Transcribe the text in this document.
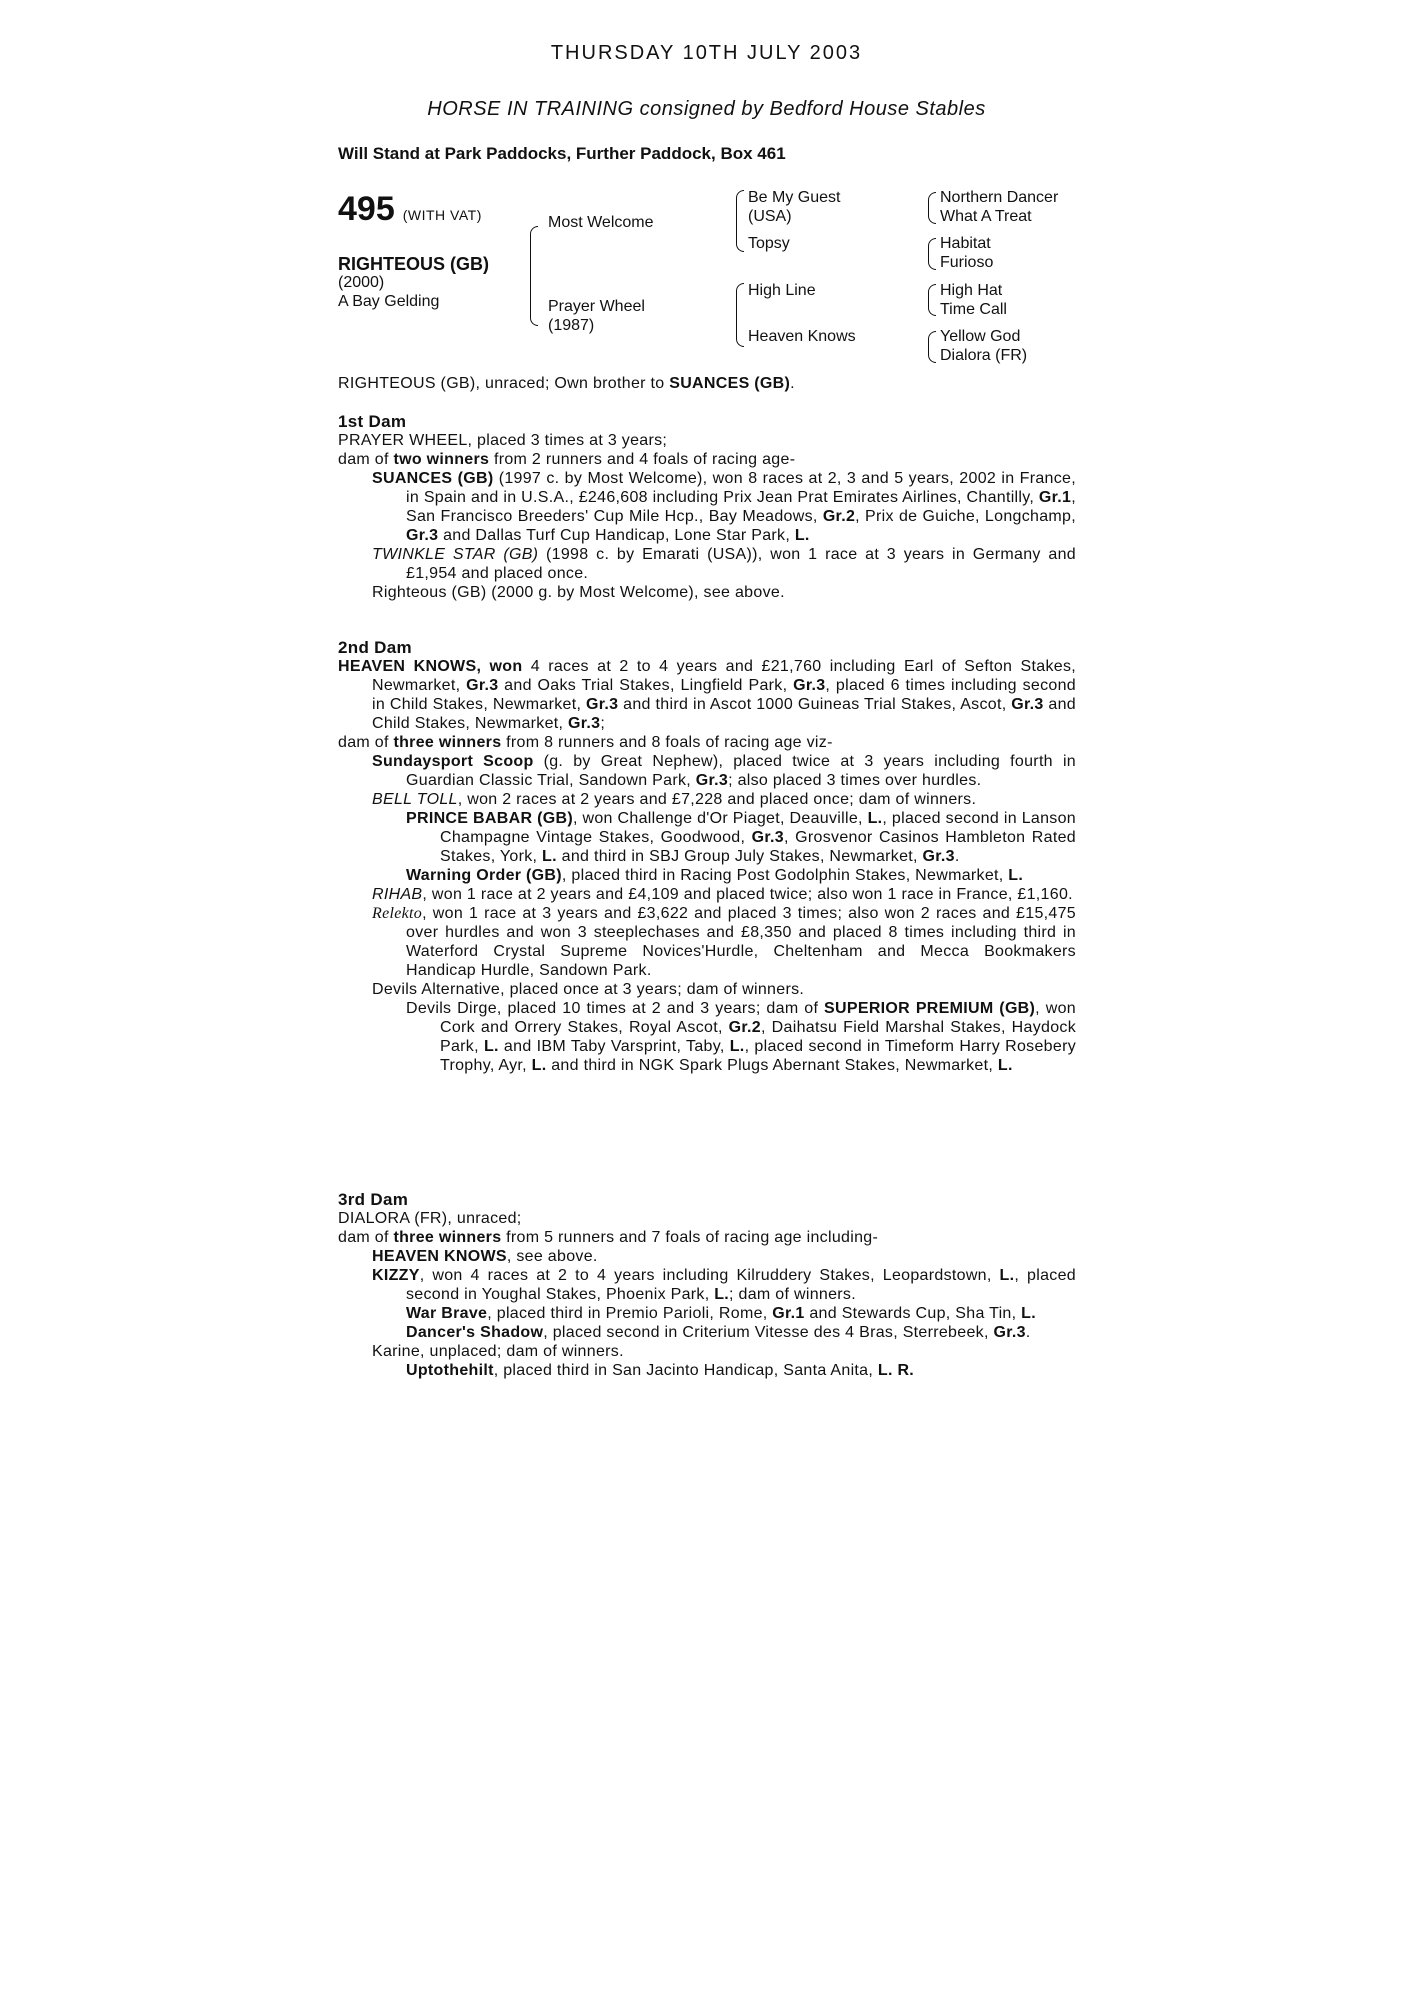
THURSDAY 10TH JULY 2003
HORSE IN TRAINING consigned by Bedford House Stables
Will Stand at Park Paddocks, Further Paddock, Box 461
495 (WITH VAT)
RIGHTEOUS (GB)
(2000)
A Bay Gelding
Most Welcome
Prayer Wheel
(1987)
Be My Guest
(USA)
Topsy
High Line
Heaven Knows
Northern Dancer
What A Treat
Habitat
Furioso
High Hat
Time Call
Yellow God
Dialora (FR)
RIGHTEOUS (GB), unraced; Own brother to SUANCES (GB).
1st Dam
PRAYER WHEEL, placed 3 times at 3 years;
dam of two winners from 2 runners and 4 foals of racing age-
SUANCES (GB) (1997 c. by Most Welcome), won 8 races at 2, 3 and 5 years, 2002 in France, in Spain and in U.S.A., £246,608 including Prix Jean Prat Emirates Airlines, Chantilly, Gr.1, San Francisco Breeders' Cup Mile Hcp., Bay Meadows, Gr.2, Prix de Guiche, Longchamp, Gr.3 and Dallas Turf Cup Handicap, Lone Star Park, L.
TWINKLE STAR (GB) (1998 c. by Emarati (USA)), won 1 race at 3 years in Germany and £1,954 and placed once.
Righteous (GB) (2000 g. by Most Welcome), see above.
2nd Dam
HEAVEN KNOWS, won 4 races at 2 to 4 years and £21,760 including Earl of Sefton Stakes, Newmarket, Gr.3 and Oaks Trial Stakes, Lingfield Park, Gr.3, placed 6 times including second in Child Stakes, Newmarket, Gr.3 and third in Ascot 1000 Guineas Trial Stakes, Ascot, Gr.3 and Child Stakes, Newmarket, Gr.3;
dam of three winners from 8 runners and 8 foals of racing age viz-
Sundaysport Scoop (g. by Great Nephew), placed twice at 3 years including fourth in Guardian Classic Trial, Sandown Park, Gr.3; also placed 3 times over hurdles.
BELL TOLL, won 2 races at 2 years and £7,228 and placed once; dam of winners.
PRINCE BABAR (GB), won Challenge d'Or Piaget, Deauville, L., placed second in Lanson Champagne Vintage Stakes, Goodwood, Gr.3, Grosvenor Casinos Hambleton Rated Stakes, York, L. and third in SBJ Group July Stakes, Newmarket, Gr.3.
Warning Order (GB), placed third in Racing Post Godolphin Stakes, Newmarket, L.
RIHAB, won 1 race at 2 years and £4,109 and placed twice; also won 1 race in France, £1,160.
Relekto, won 1 race at 3 years and £3,622 and placed 3 times; also won 2 races and £15,475 over hurdles and won 3 steeplechases and £8,350 and placed 8 times including third in Waterford Crystal Supreme Novices'Hurdle, Cheltenham and Mecca Bookmakers Handicap Hurdle, Sandown Park.
Devils Alternative, placed once at 3 years; dam of winners.
Devils Dirge, placed 10 times at 2 and 3 years; dam of SUPERIOR PREMIUM (GB), won Cork and Orrery Stakes, Royal Ascot, Gr.2, Daihatsu Field Marshal Stakes, Haydock Park, L. and IBM Taby Varsprint, Taby, L., placed second in Timeform Harry Rosebery Trophy, Ayr, L. and third in NGK Spark Plugs Abernant Stakes, Newmarket, L.
3rd Dam
DIALORA (FR), unraced;
dam of three winners from 5 runners and 7 foals of racing age including-
HEAVEN KNOWS, see above.
KIZZY, won 4 races at 2 to 4 years including Kilruddery Stakes, Leopardstown, L., placed second in Youghal Stakes, Phoenix Park, L.; dam of winners.
War Brave, placed third in Premio Parioli, Rome, Gr.1 and Stewards Cup, Sha Tin, L.
Dancer's Shadow, placed second in Criterium Vitesse des 4 Bras, Sterrebeek, Gr.3.
Karine, unplaced; dam of winners.
Uptothehilt, placed third in San Jacinto Handicap, Santa Anita, L. R.
